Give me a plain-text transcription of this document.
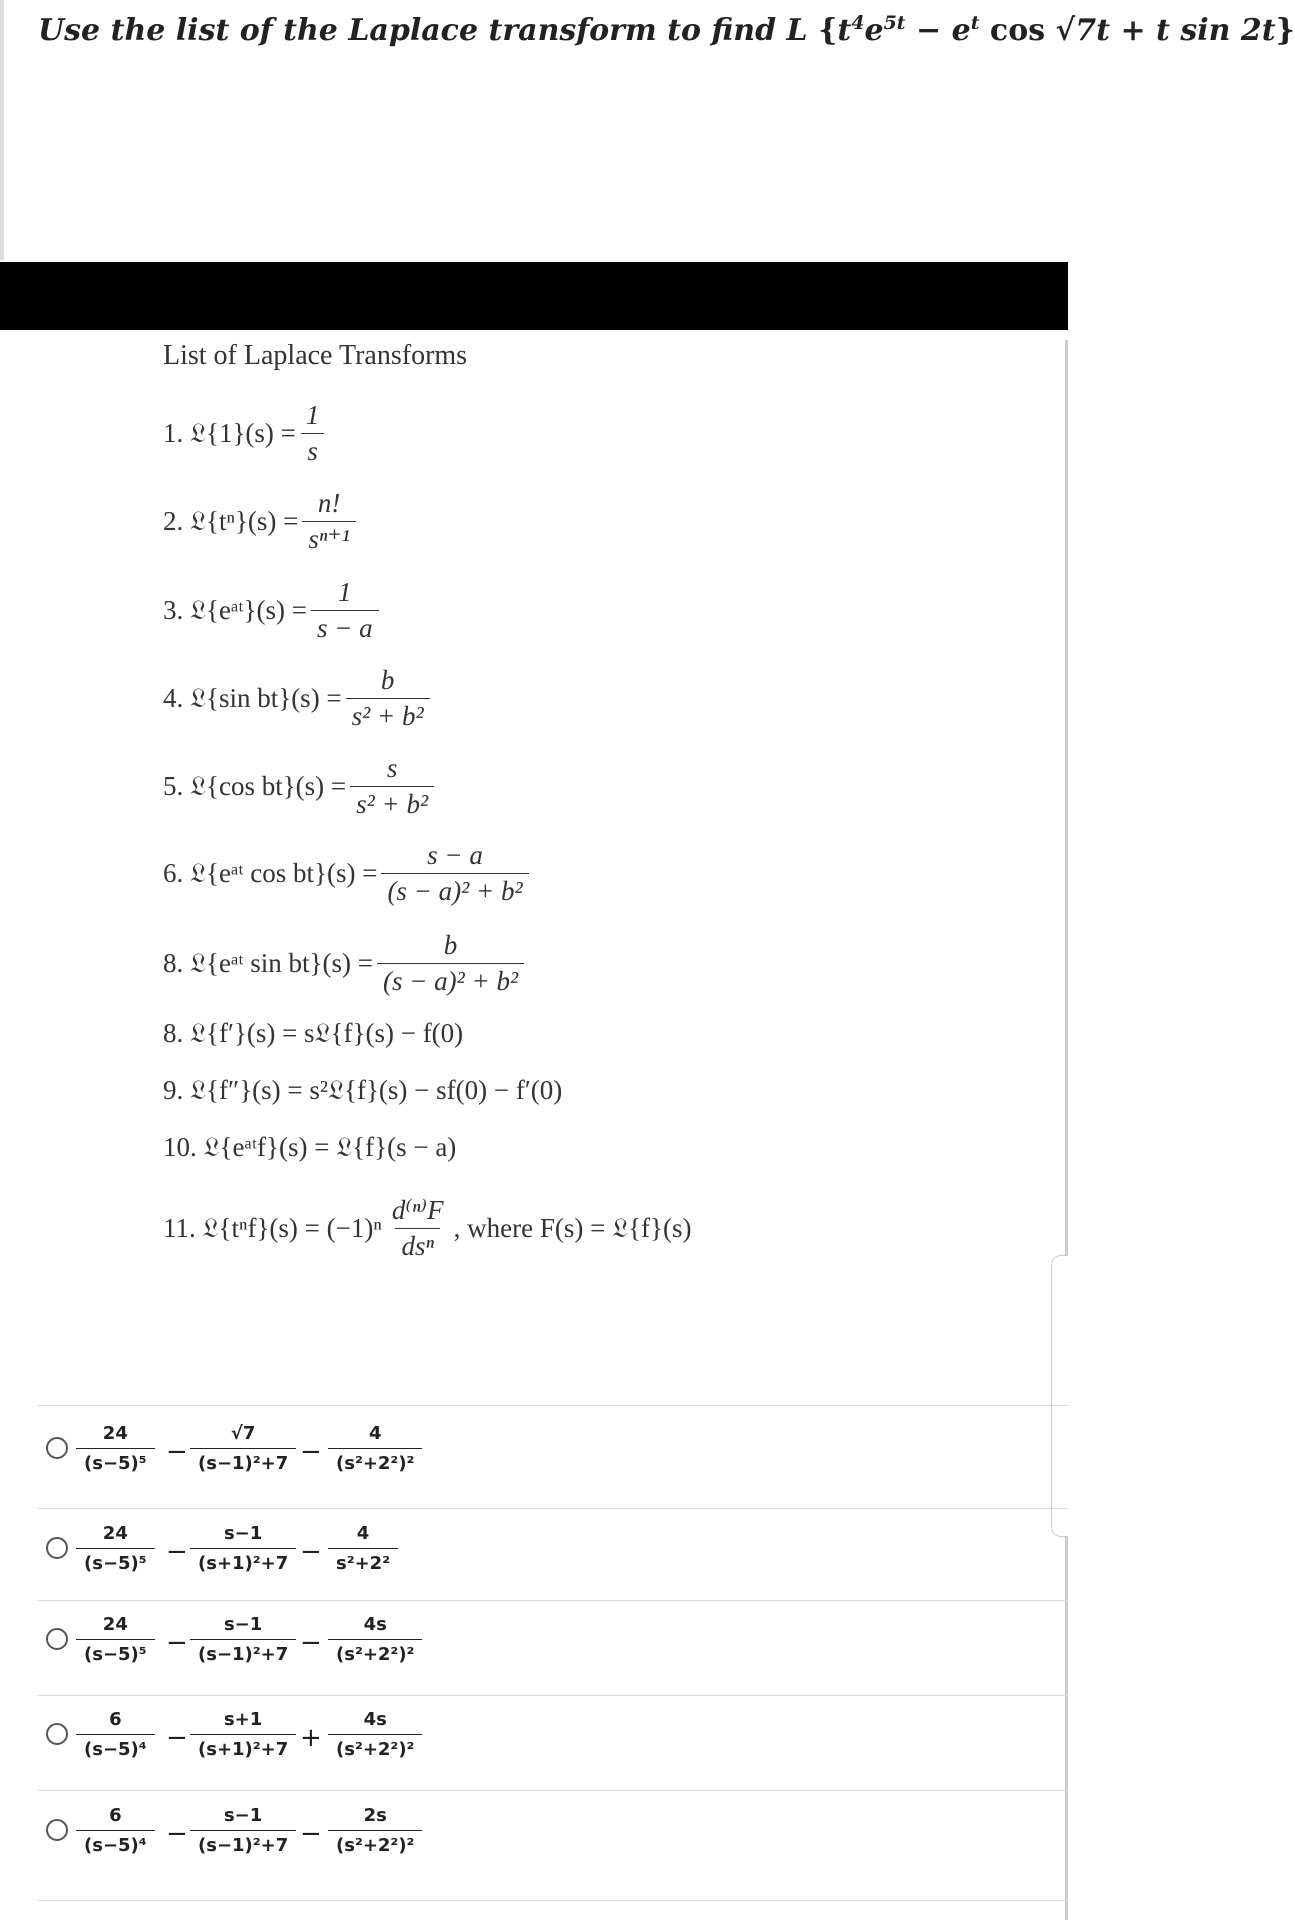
Use the list of the Laplace transform to find L {$t^4e^{5t} - e^t$ cos √7t + t sin 2t}
List of Laplace Transforms
1. 𝔏{1}(s) = $\frac{1}{s}$
2. 𝔏{tⁿ}(s) = $\frac{n!}{\text{sⁿ⁺¹}}$
3. 𝔏{eᵃᵗ}(s) = $\frac{1}{s - a}$
4. 𝔏{sin $bt\}(s) = \frac{b}{\text{s² + b²}}$
5. 𝔏{cos $bt\}(s) = \frac{s}{\text{s² + b²}}$
6. 𝔏{eᵃᵗ $\cos bt\}(s) = \frac{s - a}{\text{(s − a)² + b²}}$
8. 𝔏{eᵃᵗ $\sin bt\}(s) = \frac{b}{\text{(s − a)² + b²}}$
8. 𝔏{f′}(s) = s𝔏{f}(s) − f(0)
9. 𝔏{f″}(s) = s²𝔏{f}(s) − sf(0) − f′(0)
10. 𝔏{eᵃᵗf}(s) = 𝔏{f}(s − a)
11. 𝔏{tⁿf}(s) = $(-1)^n \frac{\text{d⁽ⁿ⁾F}}{\text{dsⁿ}}$ , where F(s) = 𝔏{f}(s)
$\frac{24}{\text{(s−5)⁵}} - \frac{√7}{\text{(s−1)²+7}} - \frac{4}{\text{(s²+2²)²}}$
$\frac{24}{\text{(s−5)⁵}} - \frac{s-1}{\text{(s+1)²+7}} - \frac{4}{\text{s²+2²}}$
$\frac{24}{\text{(s−5)⁵}} - \frac{s-1}{\text{(s−1)²+7}} - \frac{4s}{\text{(s²+2²)²}}$
$\frac{6}{\text{(s−5)⁴}} - \frac{s+1}{\text{(s+1)²+7}} + \frac{4s}{\text{(s²+2²)²}}$
$\frac{6}{\text{(s−5)⁴}} - \frac{s-1}{\text{(s−1)²+7}} - \frac{2s}{\text{(s²+2²)²}}$
